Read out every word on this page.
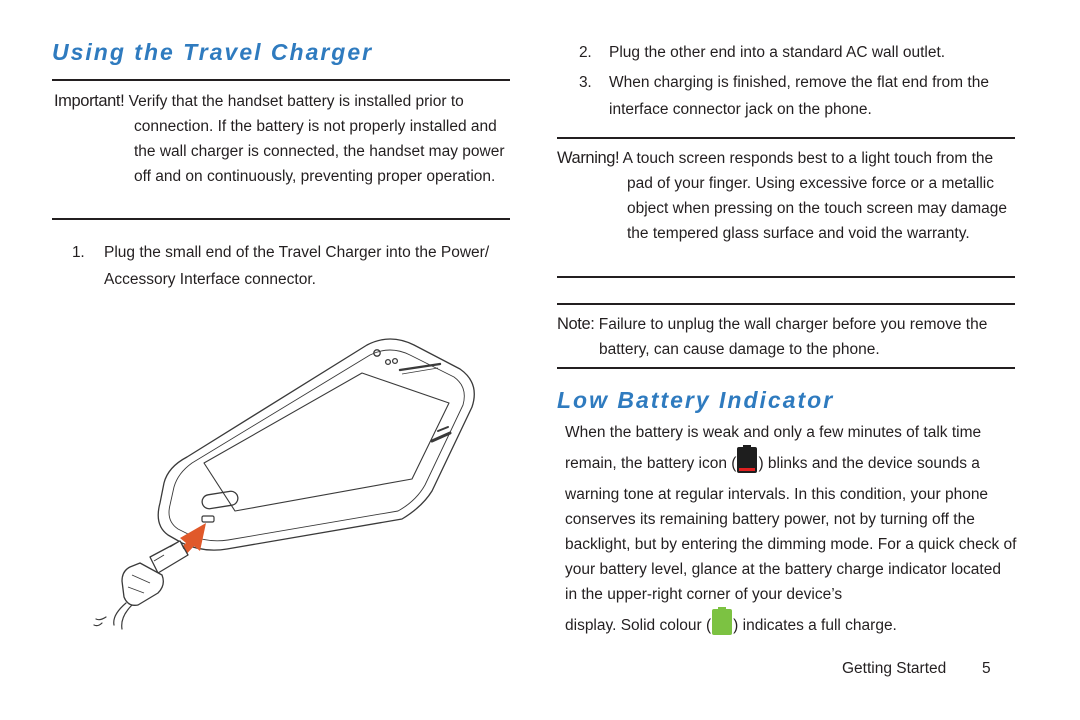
Using the Travel Charger
Important! Verify that the handset battery is installed prior to
connection. If the battery is not properly installed and the wall charger is connected, the handset may power off and on continuously, preventing proper operation.
1.	Plug the small end of the Travel Charger into the Power/ Accessory Interface connector.
2.	Plug the other end into a standard AC wall outlet.
3.	When charging is finished, remove the flat end from the interface connector jack on the phone.
Warning! A touch screen responds best to a light touch from the
pad of your finger. Using excessive force or a metallic object when pressing on the touch screen may damage the tempered glass surface and void the warranty.
Note: Failure to unplug the wall charger before you remove the
battery, can cause damage to the phone.
Low Battery Indicator
When the battery is weak and only a few minutes of talk time
remain, the battery icon ( ) blinks and the device sounds a
warning tone at regular intervals. In this condition, your phone conserves its remaining battery power, not by turning off the backlight, but by entering the dimming mode. For a quick check of your battery level, glance at the battery charge indicator located in the upper-right corner of your device’s
display. Solid colour ( ) indicates a full charge.
Getting Started 5
